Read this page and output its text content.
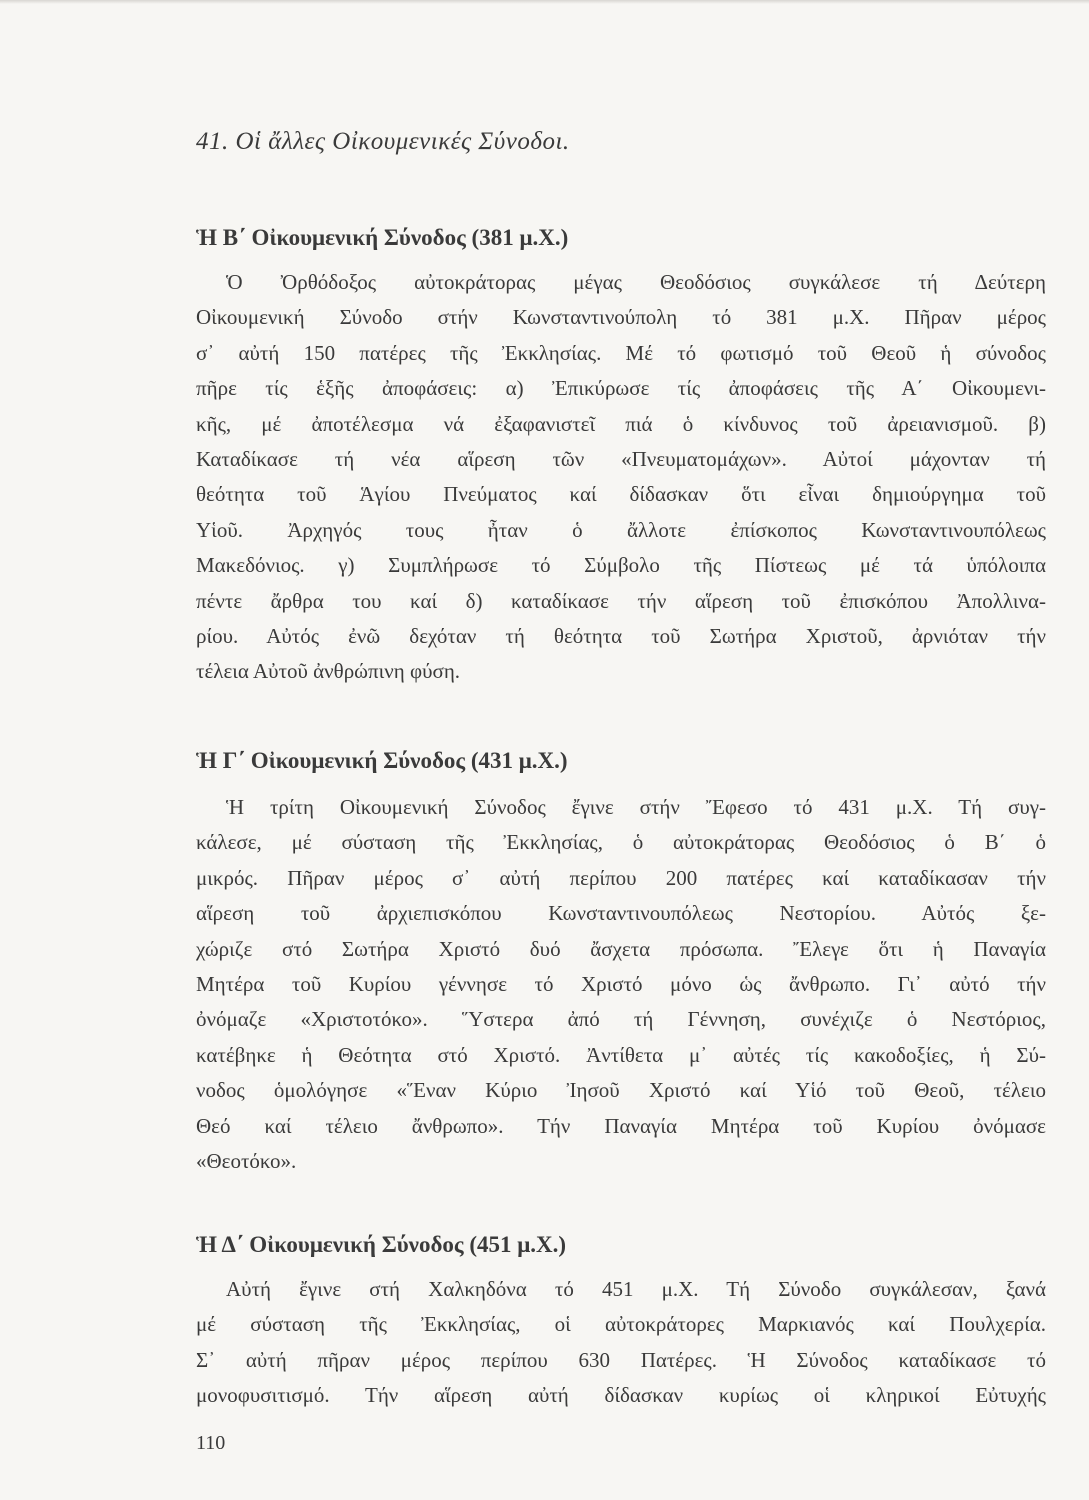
41. Οἱ ἄλλες Οἰκουμενικές Σύνοδοι.
Ἡ Β΄ Οἰκουμενική Σύνοδος (381 μ.Χ.)
Ὁ Ὀρθόδοξος αὐτοκράτορας μέγας Θεοδόσιος συγκάλεσε τή Δεύτερη
Οἰκουμενική Σύνοδο στήν Κωνσταντινούπολη τό 381 μ.Χ. Πῆραν μέρος
σ᾽ αὐτή 150 πατέρες τῆς Ἐκκλησίας. Μέ τό φωτισμό τοῦ Θεοῦ ἡ σύνοδος
πῆρε τίς ἑξῆς ἀποφάσεις: α) Ἐπικύρωσε τίς ἀποφάσεις τῆς Α΄ Οἰκουμενι-
κῆς, μέ ἀποτέλεσμα νά ἐξαφανιστεῖ πιά ὁ κίνδυνος τοῦ ἀρειανισμοῦ. β)
Καταδίκασε τή νέα αἵρεση τῶν «Πνευματομάχων». Αὐτοί μάχονταν τή
θεότητα τοῦ Ἁγίου Πνεύματος καί δίδασκαν ὅτι εἶναι δημιούργημα τοῦ
Υἱοῦ. Ἀρχηγός τους ἦταν ὁ ἄλλοτε ἐπίσκοπος Κωνσταντινουπόλεως
Μακεδόνιος. γ) Συμπλήρωσε τό Σύμβολο τῆς Πίστεως μέ τά ὑπόλοιπα
πέντε ἄρθρα του καί δ) καταδίκασε τήν αἵρεση τοῦ ἐπισκόπου Ἀπολλινα-
ρίου. Αὐτός ἐνῶ δεχόταν τή θεότητα τοῦ Σωτήρα Χριστοῦ, ἀρνιόταν τήν
τέλεια Αὐτοῦ ἀνθρώπινη φύση.
Ἡ Γ΄ Οἰκουμενική Σύνοδος (431 μ.Χ.)
Ἡ τρίτη Οἰκουμενική Σύνοδος ἔγινε στήν Ἔφεσο τό 431 μ.Χ. Τή συγ-
κάλεσε, μέ σύσταση τῆς Ἐκκλησίας, ὁ αὐτοκράτορας Θεοδόσιος ὁ Β΄ ὁ
μικρός. Πῆραν μέρος σ᾽ αὐτή περίπου 200 πατέρες καί καταδίκασαν τήν
αἵρεση τοῦ ἀρχιεπισκόπου Κωνσταντινουπόλεως Νεστορίου. Αὐτός ξε-
χώριζε στό Σωτήρα Χριστό δυό ἄσχετα πρόσωπα. Ἔλεγε ὅτι ἡ Παναγία
Μητέρα τοῦ Κυρίου γέννησε τό Χριστό μόνο ὡς ἄνθρωπο. Γι᾽ αὐτό τήν
ὀνόμαζε «Χριστοτόκο». Ὕστερα ἀπό τή Γέννηση, συνέχιζε ὁ Νεστόριος,
κατέβηκε ἡ Θεότητα στό Χριστό. Ἀντίθετα μ᾽ αὐτές τίς κακοδοξίες, ἡ Σύ-
νοδος ὁμολόγησε «Ἕναν Κύριο Ἰησοῦ Χριστό καί Υἱό τοῦ Θεοῦ, τέλειο
Θεό καί τέλειο ἄνθρωπο». Τήν Παναγία Μητέρα τοῦ Κυρίου ὀνόμασε
«Θεοτόκο».
Ἡ Δ΄ Οἰκουμενική Σύνοδος (451 μ.Χ.)
Αὐτή ἔγινε στή Χαλκηδόνα τό 451 μ.Χ. Τή Σύνοδο συγκάλεσαν, ξανά
μέ σύσταση τῆς Ἐκκλησίας, οἱ αὐτοκράτορες Μαρκιανός καί Πουλχερία.
Σ᾽ αὐτή πῆραν μέρος περίπου 630 Πατέρες. Ἡ Σύνοδος καταδίκασε τό
μονοφυσιτισμό. Τήν αἵρεση αὐτή δίδασκαν κυρίως οἱ κληρικοί Εὐτυχής

110
